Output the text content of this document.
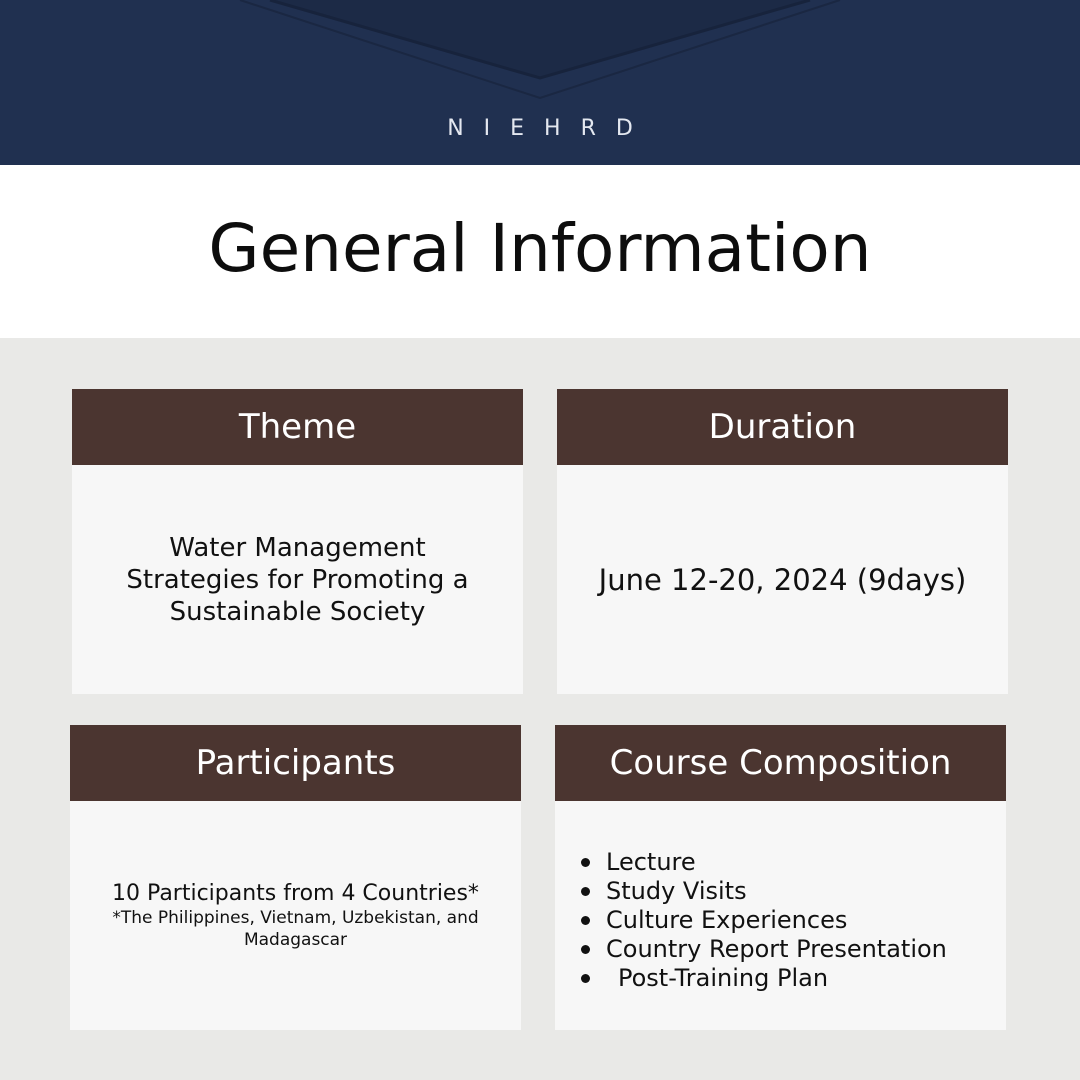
NIEHRD
General Information
Theme

Water Management Strategies for Promoting a Sustainable Society

Duration

June 12-20, 2024 (9days)

Participants

10 Participants from 4 Countries*

*The Philippines, Vietnam, Uzbekistan, and Madagascar

Course Composition
Lecture
Study Visits
Culture Experiences
Country Report Presentation
Post-Training Plan
